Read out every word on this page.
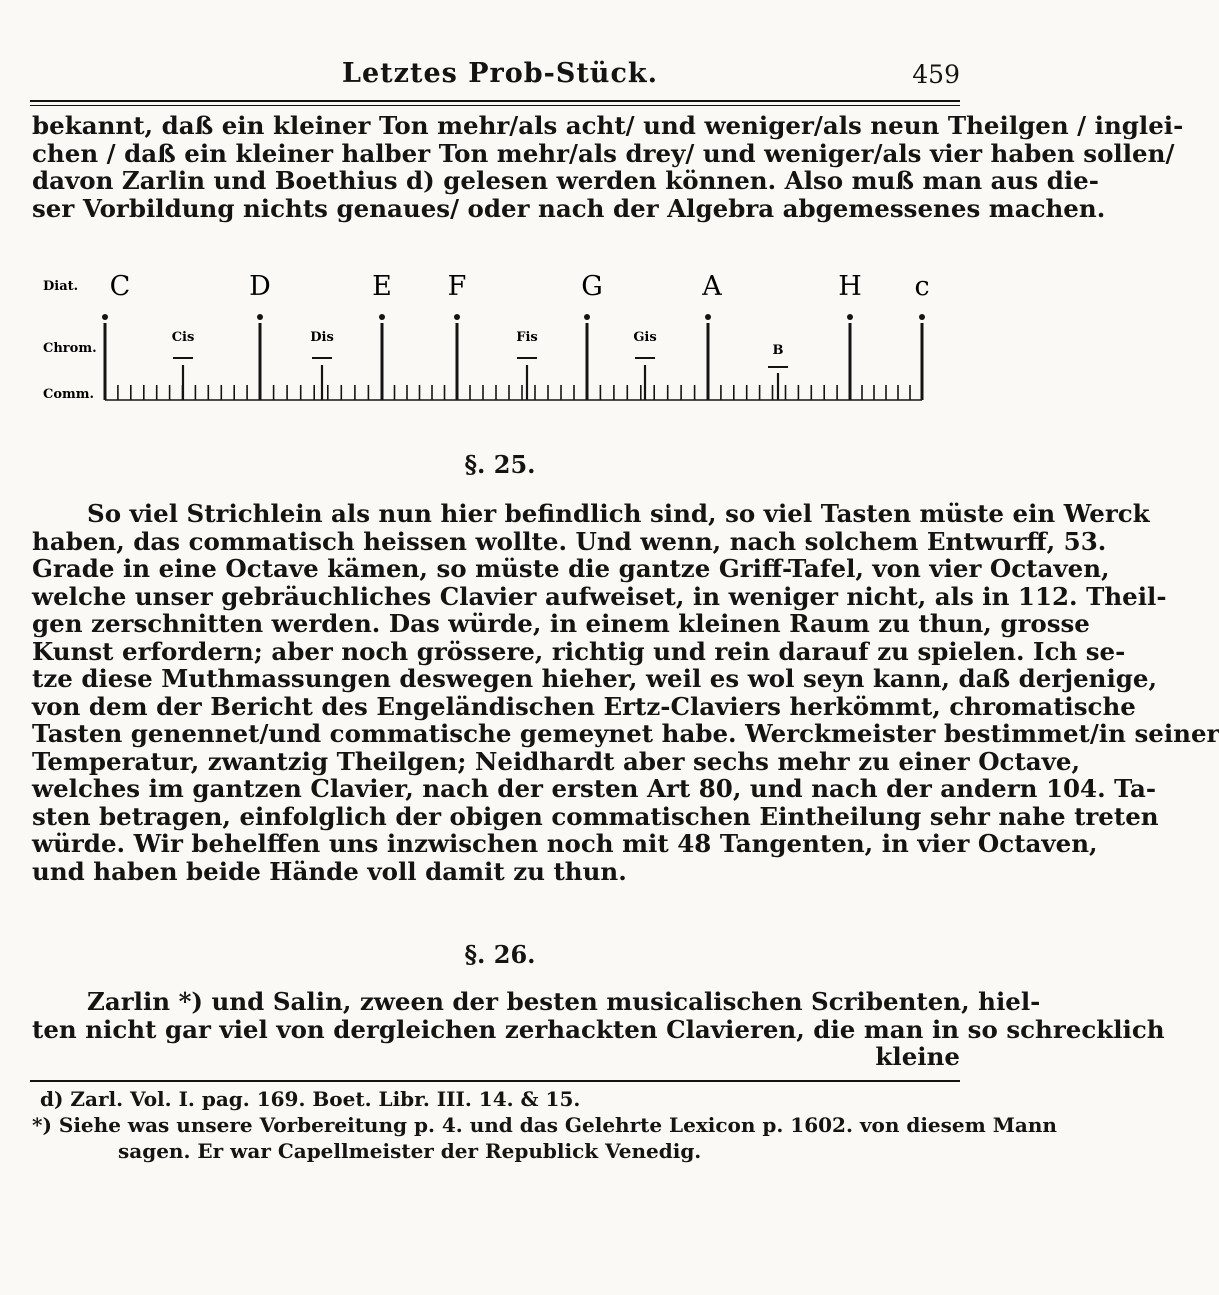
Letztes Prob-Stück.	459
bekannt, daß ein kleiner Ton mehr/als acht/ und weniger/als neun Theilgen / inglei-
chen / daß ein kleiner halber Ton mehr/als drey/ und weniger/als vier haben sollen/
davon Zarlin und Boethius d) gelesen werden können. Also muß man aus die-
ser Vorbildung nichts genaues/ oder nach der Algebra abgemessenes machen.
Diat.
Chrom.
Comm.
C	D	E F	G	A	H c
Cis	Dis	Fis	Gis
B
§. 25.
So viel Strichlein als nun hier befindlich sind, so viel Tasten müste ein Werck
haben, das commatisch heissen wollte. Und wenn, nach solchem Entwurff, 53.
Grade in eine Octave kämen, so müste die gantze Griff-Tafel, von vier Octaven,
welche unser gebräuchliches Clavier aufweiset, in weniger nicht, als in 112. Theil-
gen zerschnitten werden. Das würde, in einem kleinen Raum zu thun, grosse
Kunst erfordern; aber noch grössere, richtig und rein darauf zu spielen. Ich se-
tze diese Muthmassungen deswegen hieher, weil es wol seyn kann, daß derjenige,
von dem der Bericht des Engeländischen Ertz-Claviers herkömmt, chromatische
Tasten genennet/und commatische gemeynet habe. Werckmeister bestimmet/in seiner
Temperatur, zwantzig Theilgen; Neidhardt aber sechs mehr zu einer Octave,
welches im gantzen Clavier, nach der ersten Art 80, und nach der andern 104. Ta-
sten betragen, einfolglich der obigen commatischen Eintheilung sehr nahe treten
würde. Wir behelffen uns inzwischen noch mit 48 Tangenten, in vier Octaven,
und haben beide Hände voll damit zu thun.
§. 26.
Zarlin *) und Salin, zween der besten musicalischen Scribenten, hiel-
ten nicht gar viel von dergleichen zerhackten Clavieren, die man in so schrecklich
kleine
d) Zarl. Vol. I. pag. 169. Boet. Libr. III. 14. & 15.
*) Siehe was unsere Vorbereitung p. 4. und das Gelehrte Lexicon p. 1602. von diesem Mann
sagen. Er war Capellmeister der Republick Venedig.
